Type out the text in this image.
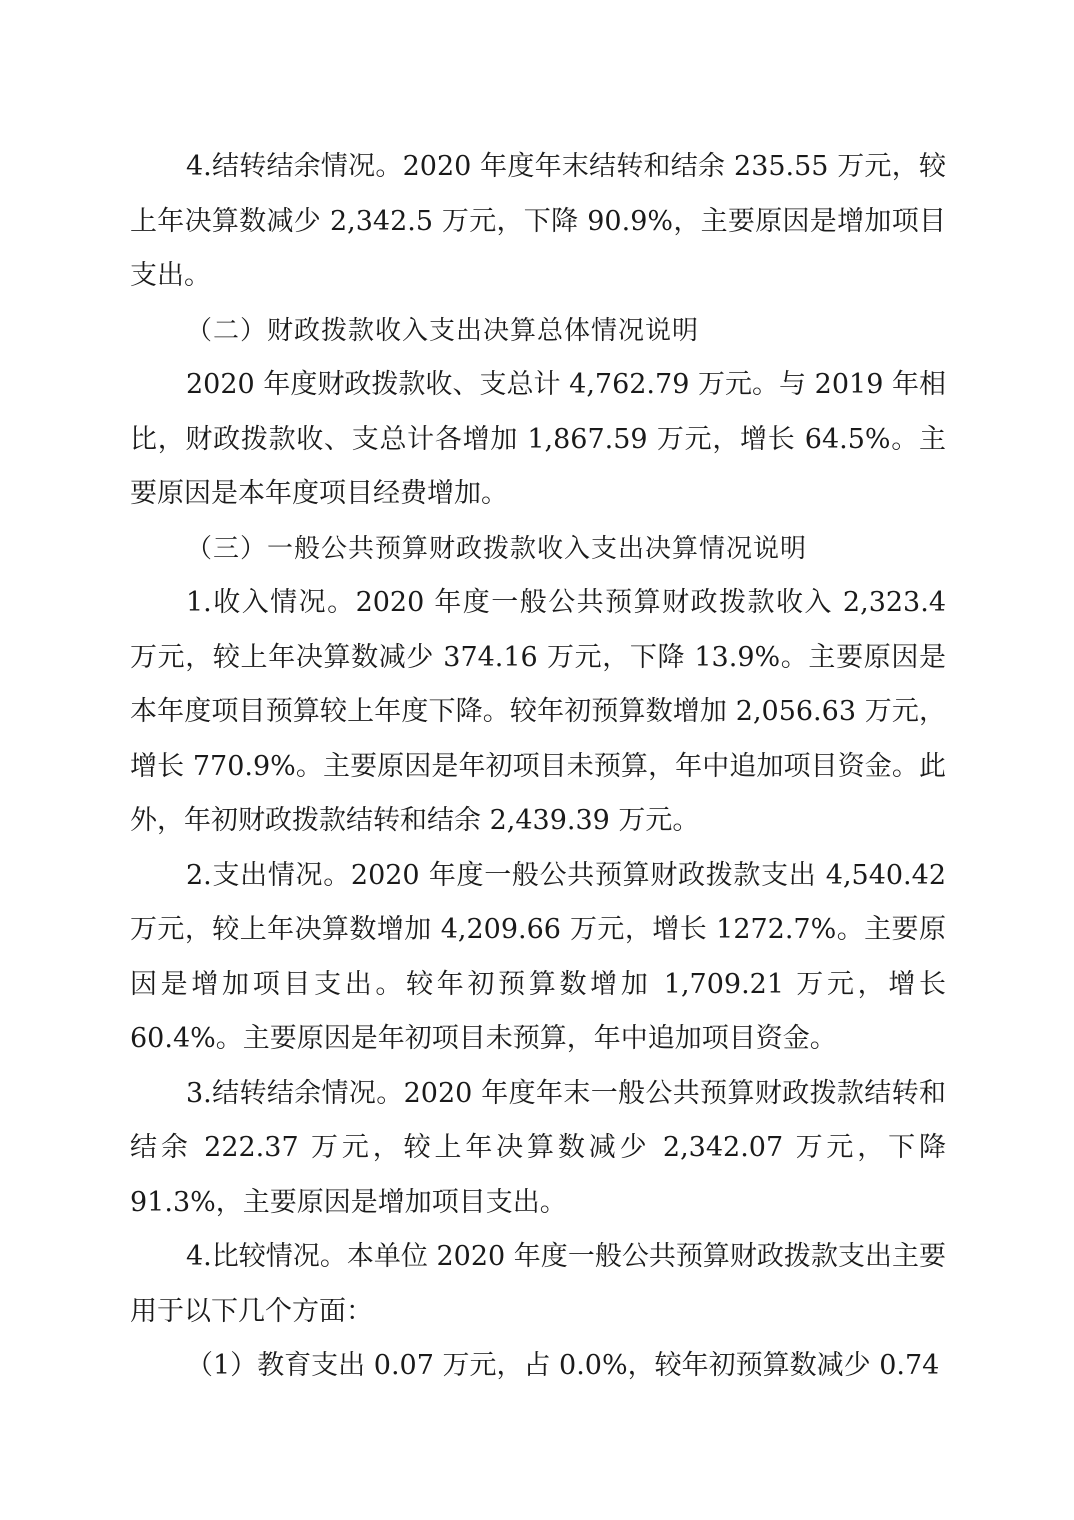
4.结转结余情况。2020 年度年末结转和结余 235.55 万元，较上年决算数减少 2,342.5 万元，下降 90.9%，主要原因是增加项目支出。

（二）财政拨款收入支出决算总体情况说明

2020 年度财政拨款收、支总计 4,762.79 万元。与 2019 年相比，财政拨款收、支总计各增加 1,867.59 万元，增长 64.5%。主要原因是本年度项目经费增加。

（三）一般公共预算财政拨款收入支出决算情况说明

1.收入情况。2020 年度一般公共预算财政拨款收入 2,323.4 万元，较上年决算数减少 374.16 万元，下降 13.9%。主要原因是本年度项目预算较上年度下降。较年初预算数增加 2,056.63 万元，增长 770.9%。主要原因是年初项目未预算，年中追加项目资金。此外，年初财政拨款结转和结余 2,439.39 万元。

2.支出情况。2020 年度一般公共预算财政拨款支出 4,540.42 万元，较上年决算数增加 4,209.66 万元，增长 1272.7%。主要原因是增加项目支出。较年初预算数增加 1,709.21 万元，增长 60.4%。主要原因是年初项目未预算，年中追加项目资金。

3.结转结余情况。2020 年度年末一般公共预算财政拨款结转和结余 222.37 万元，较上年决算数减少 2,342.07 万元，下降 91.3%，主要原因是增加项目支出。

4.比较情况。本单位 2020 年度一般公共预算财政拨款支出主要用于以下几个方面：

（1）教育支出 0.07 万元，占 0.0%，较年初预算数减少 0.74
